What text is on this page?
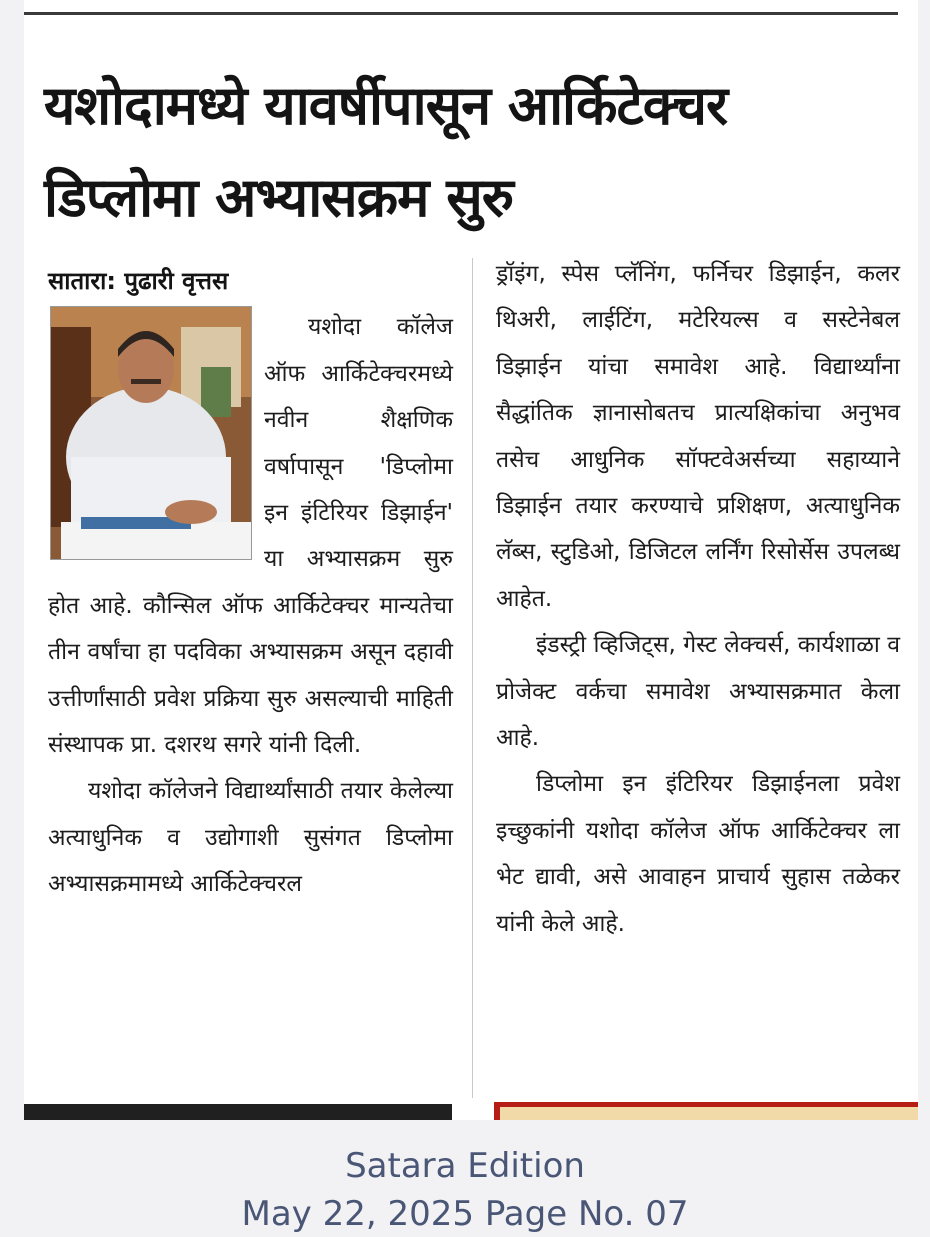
यशोदामध्ये यावर्षीपासून आर्किटेक्चर
डिप्लोमा अभ्यासक्रम सुरु
सातारा: पुढारी वृत्तस

यशोदा कॉलेज ऑफ आर्किटेक्चरमध्ये नवीन शैक्षणिक वर्षापासून 'डिप्लोमा इन इंटिरियर डिझाईन' या अभ्यासक्रम सुरु होत आहे. कौन्सिल ऑफ आर्किटेक्चर मान्यतेचा तीन वर्षांचा हा पदविका अभ्यासक्रम असून दहावी उत्तीर्णांसाठी प्रवेश प्रक्रिया सुरु असल्याची माहिती संस्थापक प्रा. दशरथ सगरे यांनी दिली.

यशोदा कॉलेजने विद्यार्थ्यांसाठी तयार केलेल्या अत्याधुनिक व उद्योगाशी सुसंगत डिप्लोमा अभ्यासक्रमामध्ये आर्किटेक्चरल

ड्रॉइंग, स्पेस प्लॅनिंग, फर्निचर डिझाईन, कलर थिअरी, लाईटिंग, मटेरियल्स व सस्टेनेबल डिझाईन यांचा समावेश आहे. विद्यार्थ्यांना सैद्धांतिक ज्ञानासोबतच प्रात्यक्षिकांचा अनुभव तसेच आधुनिक सॉफ्टवेअर्सच्या सहाय्याने डिझाईन तयार करण्याचे प्रशिक्षण, अत्याधुनिक लॅब्स, स्टुडिओ, डिजिटल लर्निंग रिसोर्सेस उपलब्ध आहेत.

इंडस्ट्री व्हिजिट्स, गेस्ट लेक्चर्स, कार्यशाळा व प्रोजेक्ट वर्कचा समावेश अभ्यासक्रमात केला आहे.

डिप्लोमा इन इंटिरियर डिझाईनला प्रवेश इच्छुकांनी यशोदा कॉलेज ऑफ आर्किटेक्चर ला भेट द्यावी, असे आवाहन प्राचार्य सुहास तळेकर यांनी केले आहे.

Satara Edition
May 22, 2025 Page No. 07
